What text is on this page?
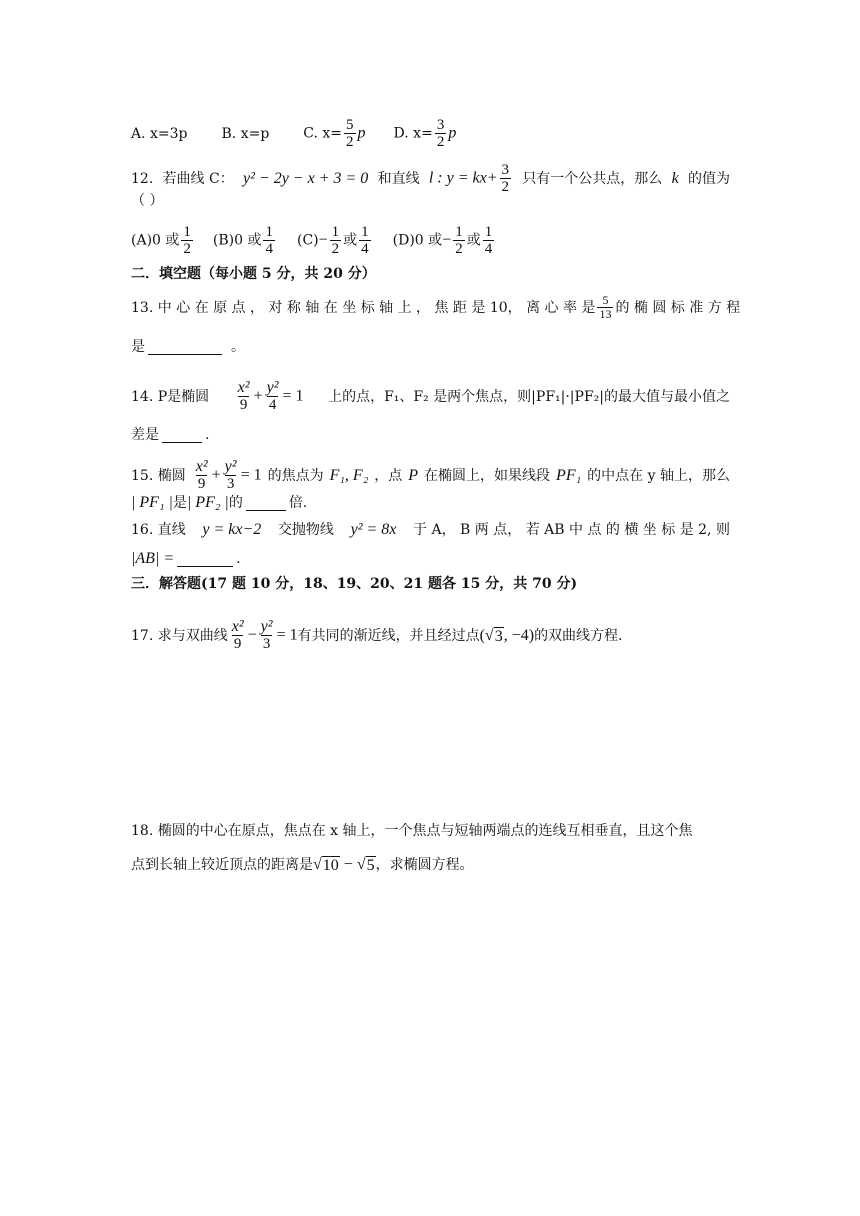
A. x=3p B. x=p C. $x= \frac{5}{2}$ p D. $x= \frac{3}{2}$ p
12. 若曲线 C： y² − 2y − x + 3 = 0 和直线 l : $y = kx+ \frac{3}{2}$ 只有一个公共点，那么 k 的值为
（ ）
(A)0 或 $\frac{1}{2} (B)0$ 或 $\frac{1}{4} (C)- \frac{1}{2}$ 或 $\frac{1}{4} (D)0$ 或− $\frac{1}{2}$ 或 $\frac{1}{4}$
二．填空题（每小题 5 分，共 20 分）
13. 中 心 在 原 点 ， 对 称 轴 在 坐 标 轴 上 ， 焦 距 是 10， 离 心 率 是 $\frac{5}{13}$ 的 椭 圆 标 准 方 程
是	。
14. P是椭圆 $\frac{\text{x²}}{9} + \frac{\text{y²}}{4} = 1$ 上的点，F₁、F₂ 是两个焦点，则|PF₁|·|PF₂|的最大值与最小值之
差是	.
15. 椭圆 $\frac{\text{x²}}{9} + \frac{\text{y²}}{3} = 1$ 的焦点为 F₁, F₂ ，点 P 在椭圆上，如果线段 PF₁ 的中点在 y 轴上，那么
| PF₁ | 是 | PF₂ | 的	倍.
16. 直线 y = kx−2 交抛物线 y² = 8x 于 A， B 两 点， 若 AB 中 点 的 横 坐 标 是 2, 则
|AB| =	.
三．解答题(17 题 10 分，18、19、20、21 题各 15 分，共 70 分)
17. 求与双曲线 $\frac{\text{x²}}{9} - \frac{\text{y²}}{3} = 1$ 有共同的渐近线，并且经过点 ( √ 3 , −4) 的双曲线方程.
18. 椭圆的中心在原点，焦点在 x 轴上，一个焦点与短轴两端点的连线互相垂直，且这个焦
点到长轴上较近顶点的距离是 √ 10 − √ 5 ，求椭圆方程。
